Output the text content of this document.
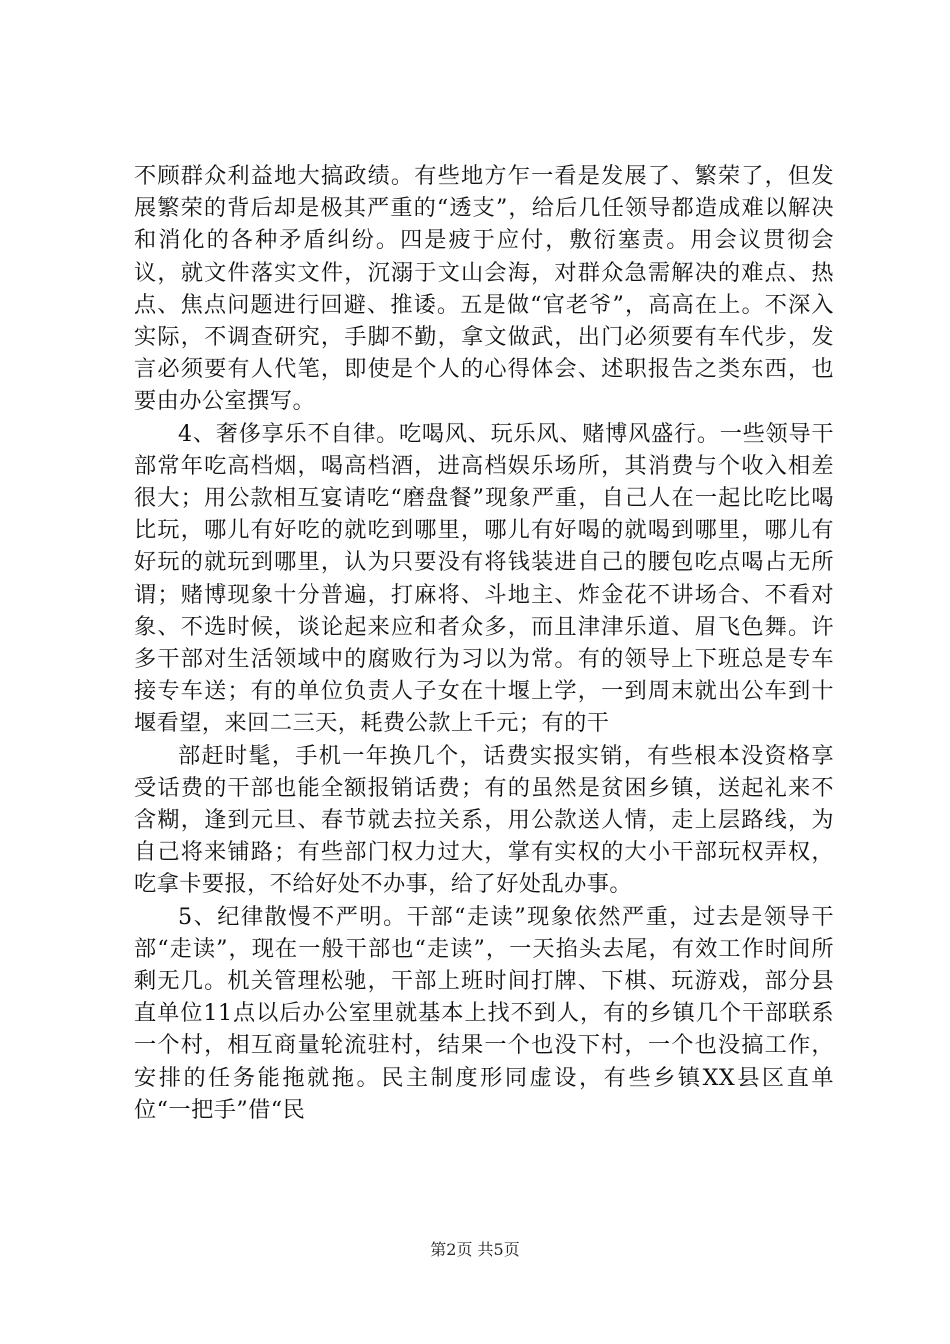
不顾群众利益地大搞政绩。有些地方乍一看是发展了、繁荣了，但发展繁荣的背后却是极其严重的“透支”，给后几任领导都造成难以解决和消化的各种矛盾纠纷。四是疲于应付，敷衍塞责。用会议贯彻会议，就文件落实文件，沉溺于文山会海，对群众急需解决的难点、热点、焦点问题进行回避、推诿。五是做“官老爷”，高高在上。不深入实际，不调查研究，手脚不勤，拿文做武，出门必须要有车代步，发言必须要有人代笔，即使是个人的心得体会、述职报告之类东西，也要由办公室撰写。

4、奢侈享乐不自律。吃喝风、玩乐风、赌博风盛行。一些领导干部常年吃高档烟，喝高档酒，进高档娱乐场所，其消费与个收入相差很大；用公款相互宴请吃“磨盘餐”现象严重，自己人在一起比吃比喝比玩，哪儿有好吃的就吃到哪里，哪儿有好喝的就喝到哪里，哪儿有好玩的就玩到哪里，认为只要没有将钱装进自己的腰包吃点喝占无所谓；赌博现象十分普遍，打麻将、斗地主、炸金花不讲场合、不看对象、不选时候，谈论起来应和者众多，而且津津乐道、眉飞色舞。许多干部对生活领域中的腐败行为习以为常。有的领导上下班总是专车接专车送；有的单位负责人子女在十堰上学，一到周末就出公车到十堰看望，来回二三天，耗费公款上千元；有的干

部赶时髦，手机一年换几个，话费实报实销，有些根本没资格享受话费的干部也能全额报销话费；有的虽然是贫困乡镇，送起礼来不含糊，逢到元旦、春节就去拉关系，用公款送人情，走上层路线，为自己将来铺路；有些部门权力过大，掌有实权的大小干部玩权弄权，吃拿卡要报，不给好处不办事，给了好处乱办事。

5、纪律散慢不严明。干部“走读”现象依然严重，过去是领导干部“走读”，现在一般干部也“走读”，一天掐头去尾，有效工作时间所剩无几。机关管理松驰，干部上班时间打牌、下棋、玩游戏，部分县直单位11点以后办公室里就基本上找不到人，有的乡镇几个干部联系一个村，相互商量轮流驻村，结果一个也没下村，一个也没搞工作，安排的任务能拖就拖。民主制度形同虚设，有些乡镇XX县区直单位“一把手”借“民

第2页 共5页
